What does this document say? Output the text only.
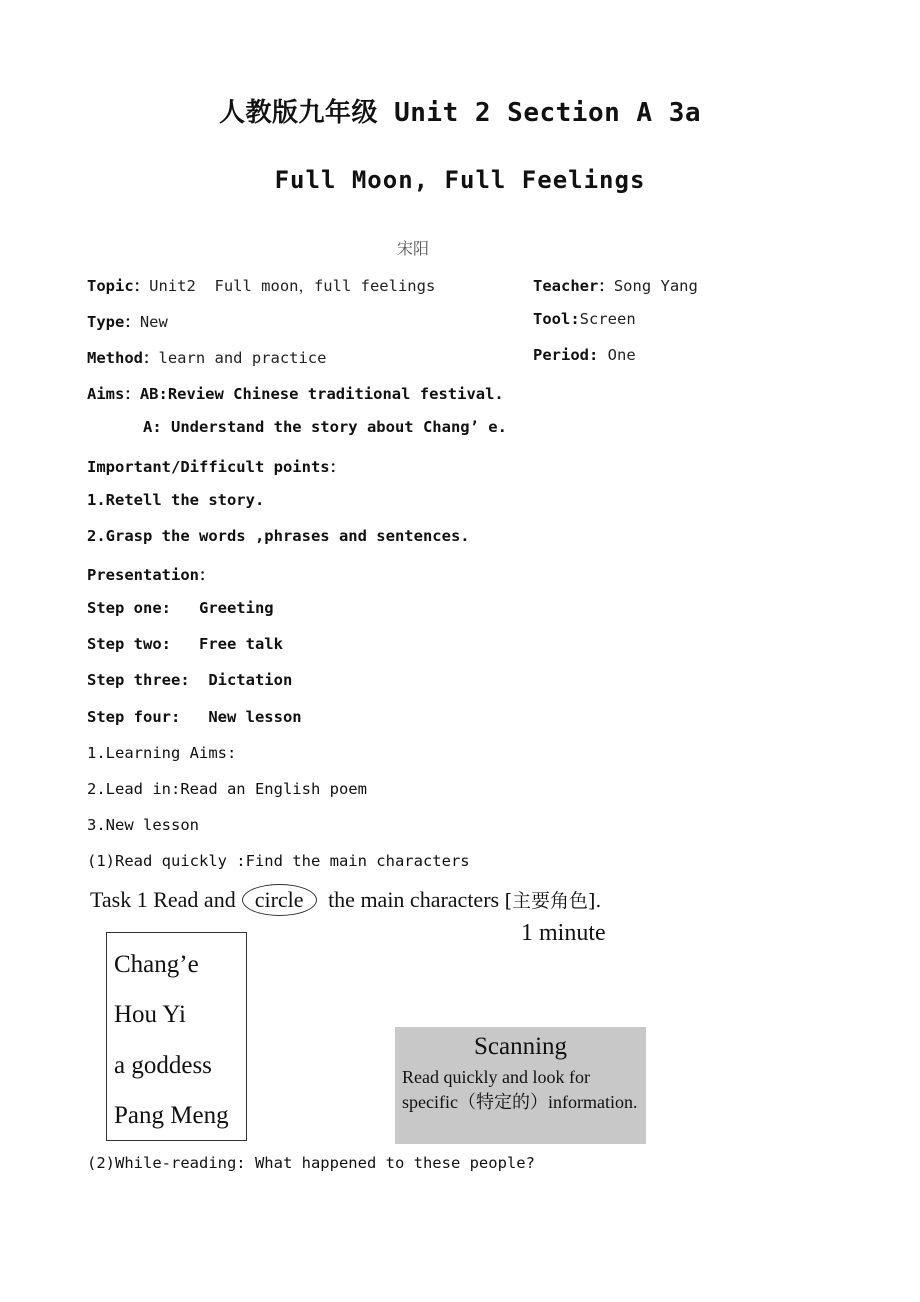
人教版九年级 Unit 2 Section A 3a
Full Moon, Full Feelings
宋阳
Topic：Unit2  Full moon，full feelings	Teacher：Song Yang
Type：New	Tool:Screen
Method：learn and practice	Period: One
Aims：AB:Review Chinese traditional festival.
A: Understand the story about Chang’ e.
Important/Difficult points：
1.Retell the story.
2.Grasp the words ,phrases and sentences.
Presentation：
Step one:   Greeting
Step two:   Free talk
Step three:  Dictation
Step four:   New lesson
1.Learning Aims:
2.Lead in:Read an English poem
3.New lesson
(1)Read quickly :Find the main characters
Task 1 Read and circle the main characters [主要角色].
1 minute
Chang’e
Hou Yi
a goddess
Pang Meng
Scanning
Read quickly and look for specific（特定的）information.
(2)While-reading: What happened to these people?
